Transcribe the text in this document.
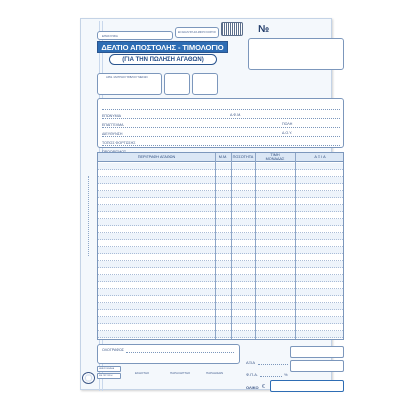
ΕΠΩΝΥΜΙΑ
ΕΝ ΑΝΑΛΥΣΗ ΔΙΑ ΜΙΚΡΟ ΚΟΣΤΟΣ	№
ΔΕΛΤΙΟ ΑΠΟΣΤΟΛΗΣ - ΤΙΜΟΛΟΓΙΟ
(ΓΙΑ ΤΗΝ ΠΩΛΗΣΗ ΑΓΑΘΩΝ)
ΑΡΙΘ. ΜΗΤΡΩΟΥ ΒΙΒΛΙΟΥ ΜΕΣΩΝ
ΕΠΩΝΥΜΙΑ
ΕΠΑΓΓΕΛΜΑ
Α.Φ.Μ.
ΔΙΕΥΘΥΝΣΗ
ΠΟΛΗ
ΤΟΠΟΣ ΦΟΡΤΩΣΗΣ
Δ.Ο.Υ.
ΠΕΡΙΓΡΑΦΗ ΑΓΑΘΩΝ	Μ.Μ.	ΠΟΣΟΤΗΤΑ	ΤΙΜΗ ΜΟΝΑΔΑΣ	Α Ξ Ι Α
ΟΛΟΓΡΑΦΩΣ
ΗΜΕΡΟΜΗΝΙΑ
ΜΕ ΠΙΣΤΩΣΗ
ΕΚΔΟΤΗΣ	ΠΑΡΑΛΗΠΤΗΣ	ΠΑΡΑΔΙΔΩΝ
ΑΞΙΑ
Φ.Π.Α.	%
ΟΛΙΚΟ €
